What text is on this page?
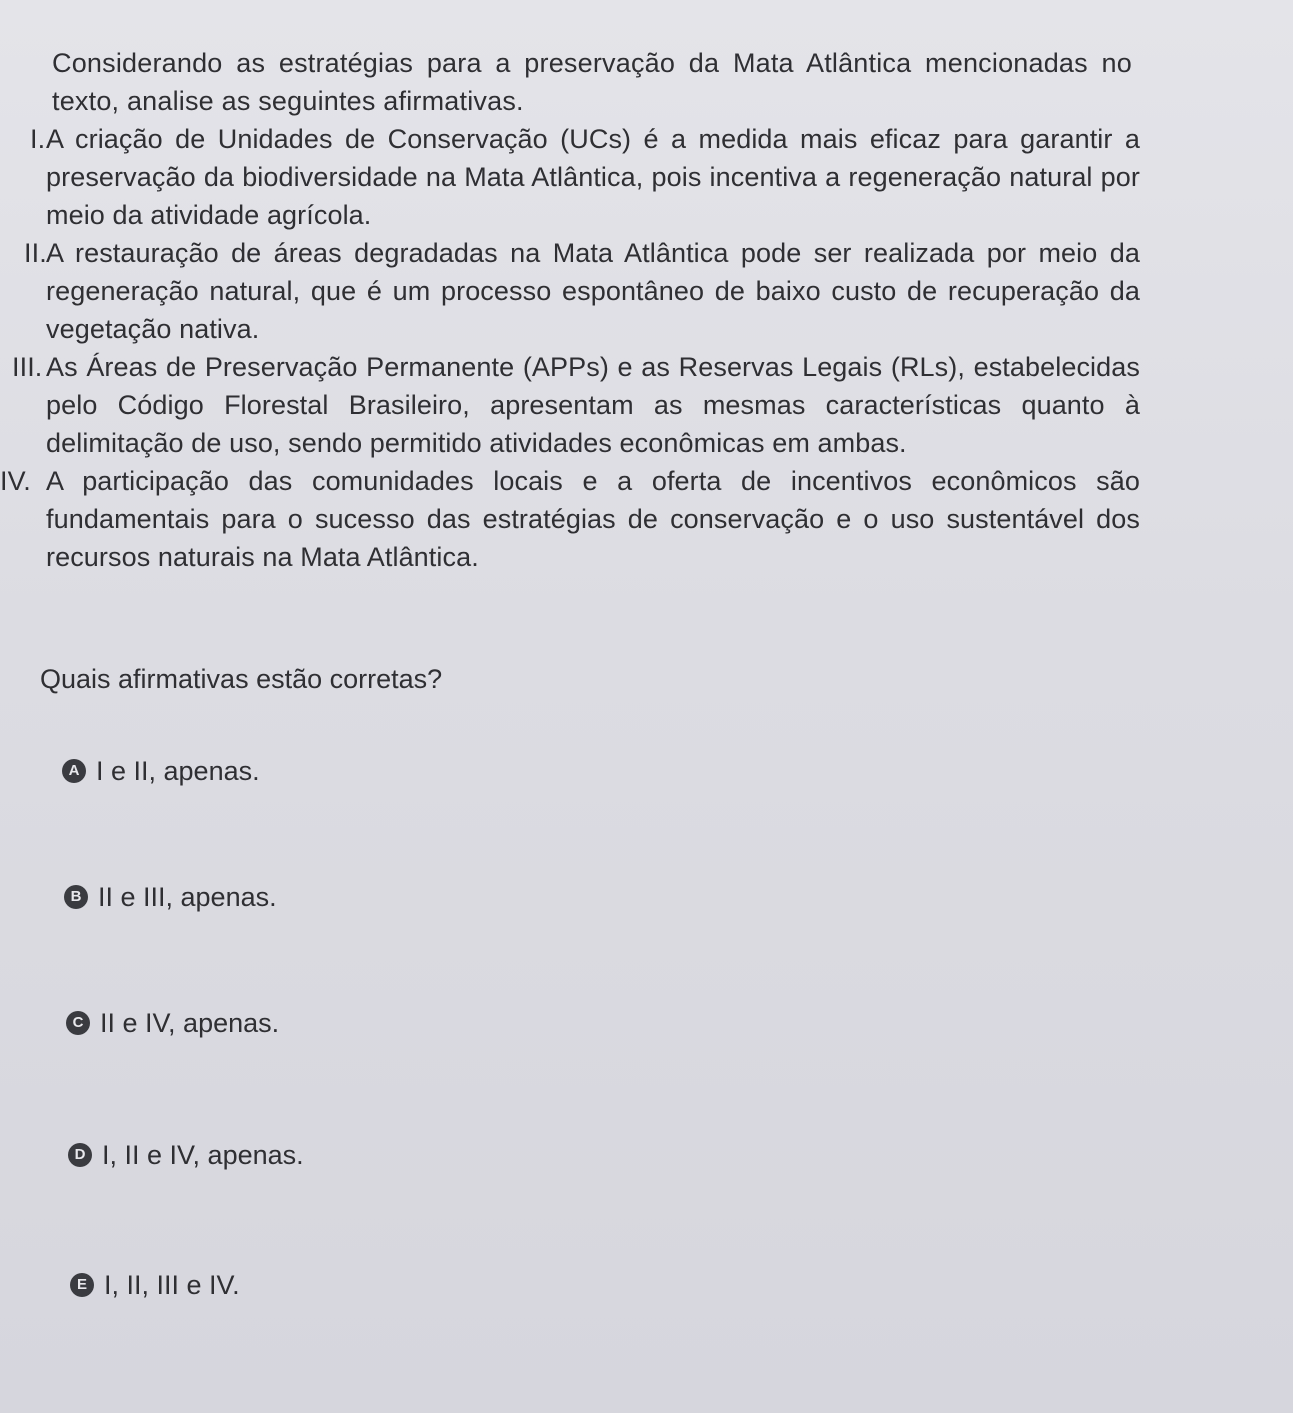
Considerando as estratégias para a preservação da Mata Atlântica mencionadas no texto, analise as seguintes afirmativas.
I. A criação de Unidades de Conservação (UCs) é a medida mais eficaz para garantir a preservação da biodiversidade na Mata Atlântica, pois incentiva a regeneração natural por meio da atividade agrícola.
II. A restauração de áreas degradadas na Mata Atlântica pode ser realizada por meio da regeneração natural, que é um processo espontâneo de baixo custo de recuperação da vegetação nativa.
III. As Áreas de Preservação Permanente (APPs) e as Reservas Legais (RLs), estabelecidas pelo Código Florestal Brasileiro, apresentam as mesmas características quanto à delimitação de uso, sendo permitido atividades econômicas em ambas.
IV. A participação das comunidades locais e a oferta de incentivos econômicos são fundamentais para o sucesso das estratégias de conservação e o uso sustentável dos recursos naturais na Mata Atlântica.
Quais afirmativas estão corretas?
A I e II, apenas.
B II e III, apenas.
C II e IV, apenas.
D I, II e IV, apenas.
E I, II, III e IV.
